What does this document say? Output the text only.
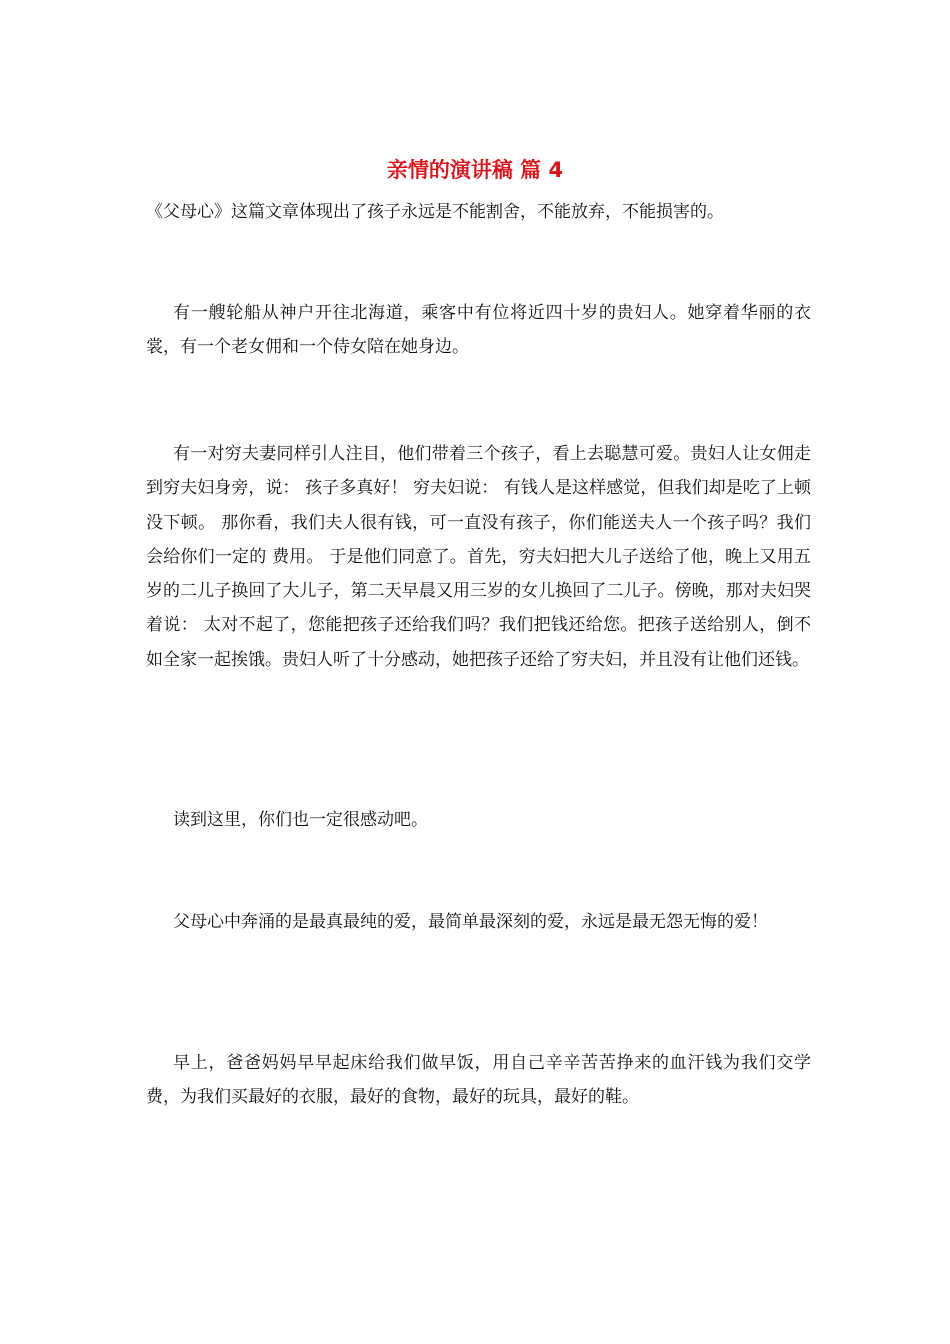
亲情的演讲稿 篇 4

《父母心》这篇文章体现出了孩子永远是不能割舍，不能放弃，不能损害的。

有一艘轮船从神户开往北海道，乘客中有位将近四十岁的贵妇人。她穿着华丽的衣裳，有一个老女佣和一个侍女陪在她身边。

有一对穷夫妻同样引人注目，他们带着三个孩子，看上去聪慧可爱。贵妇人让女佣走到穷夫妇身旁，说： 孩子多真好！ 穷夫妇说： 有钱人是这样感觉，但我们却是吃了上顿没下顿。 那你看，我们夫人很有钱，可一直没有孩子，你们能送夫人一个孩子吗？我们会给你们一定的 费用。 于是他们同意了。首先，穷夫妇把大儿子送给了他，晚上又用五岁的二儿子换回了大儿子，第二天早晨又用三岁的女儿换回了二儿子。傍晚，那对夫妇哭着说： 太对不起了，您能把孩子还给我们吗？我们把钱还给您。把孩子送给别人，倒不如全家一起挨饿。贵妇人听了十分感动，她把孩子还给了穷夫妇，并且没有让他们还钱。

读到这里，你们也一定很感动吧。

父母心中奔涌的是最真最纯的爱，最简单最深刻的爱，永远是最无怨无悔的爱！

早上，爸爸妈妈早早起床给我们做早饭，用自己辛辛苦苦挣来的血汗钱为我们交学费，为我们买最好的衣服，最好的食物，最好的玩具，最好的鞋。
